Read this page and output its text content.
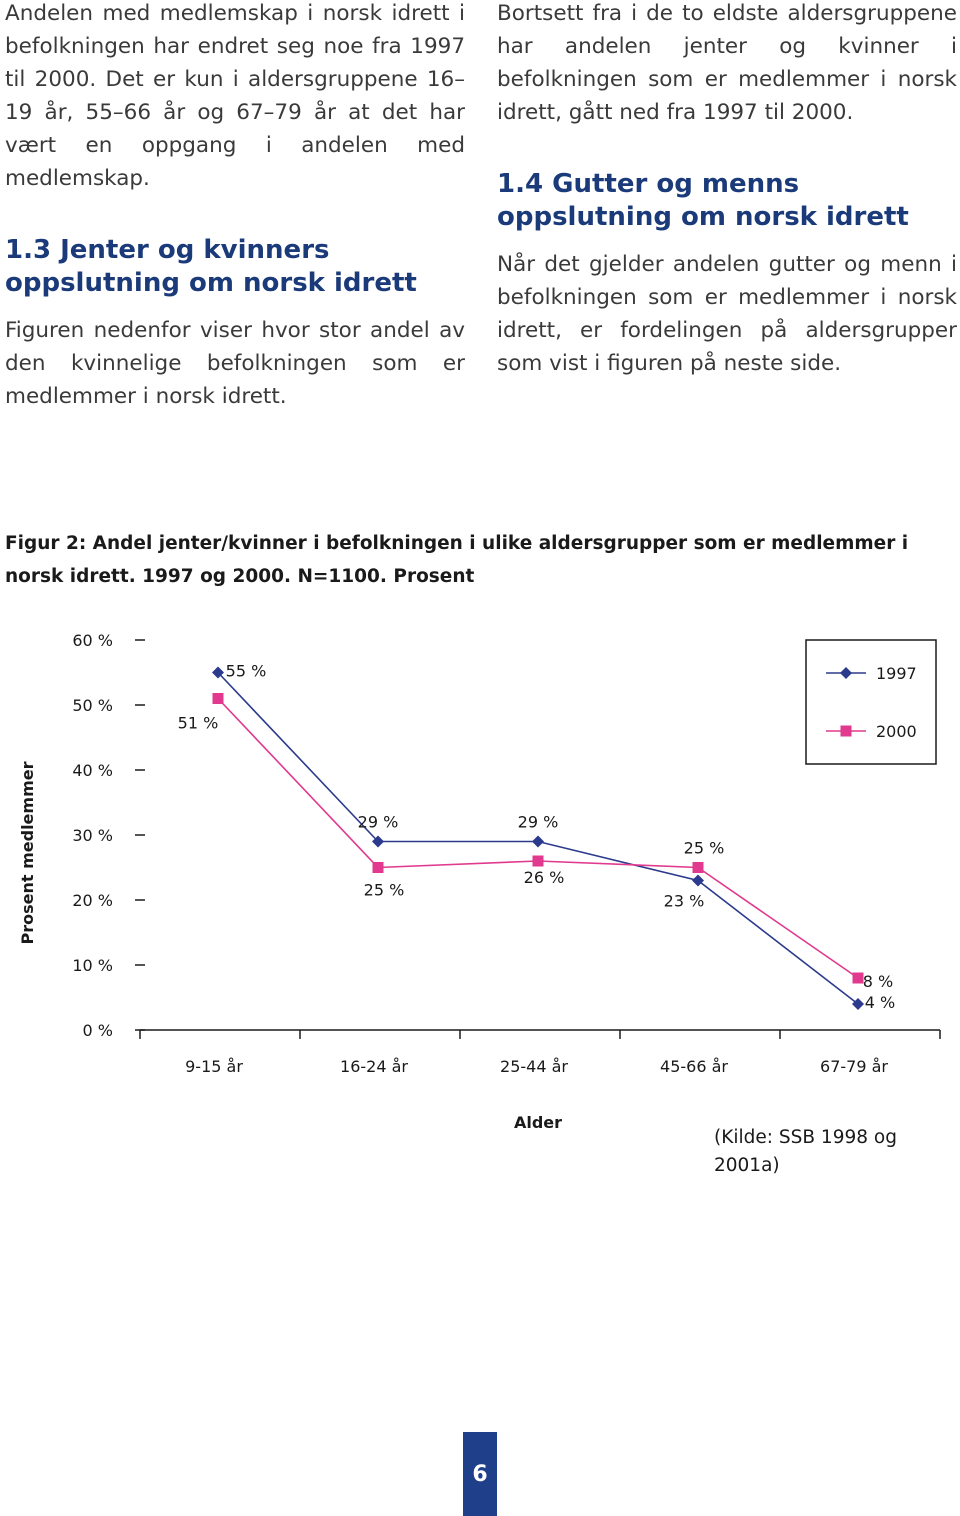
Andelen med medlemskap i norsk idrett i befolkningen har endret seg noe fra 1997 til 2000. Det er kun i aldersgruppene 16–19 år, 55–66 år og 67–79 år at det har vært en oppgang i andelen med medlemskap.

1.3 Jenter og kvinners oppslutning om norsk idrett

Figuren nedenfor viser hvor stor andel av den kvinnelige befolkningen som er medlemmer i norsk idrett.

Bortsett fra i de to eldste aldersgruppene har andelen jenter og kvinner i befolkningen som er medlemmer i norsk idrett, gått ned fra 1997 til 2000.

1.4 Gutter og menns oppslutning om norsk idrett

Når det gjelder andelen gutter og menn i befolkningen som er medlemmer i norsk idrett, er fordelingen på aldersgrupper som vist i figuren på neste side.

Figur 2: Andel jenter/kvinner i befolkningen i ulike aldersgrupper som er medlemmer i norsk idrett. 1997 og 2000. N=1100. Prosent

0 %
10 %
20 %
30 %
40 %
50 %
60 %
9-15 år	16-24 år	25-44 år	45-66 år	67-79 år
55 %
29 %	29 %
23 %
4 %
51 %
25 %
26 %
25 %
8 %
1997
2000
Prosent medlemmer
Alder

(Kilde: SSB 1998 og 2001a)

6
